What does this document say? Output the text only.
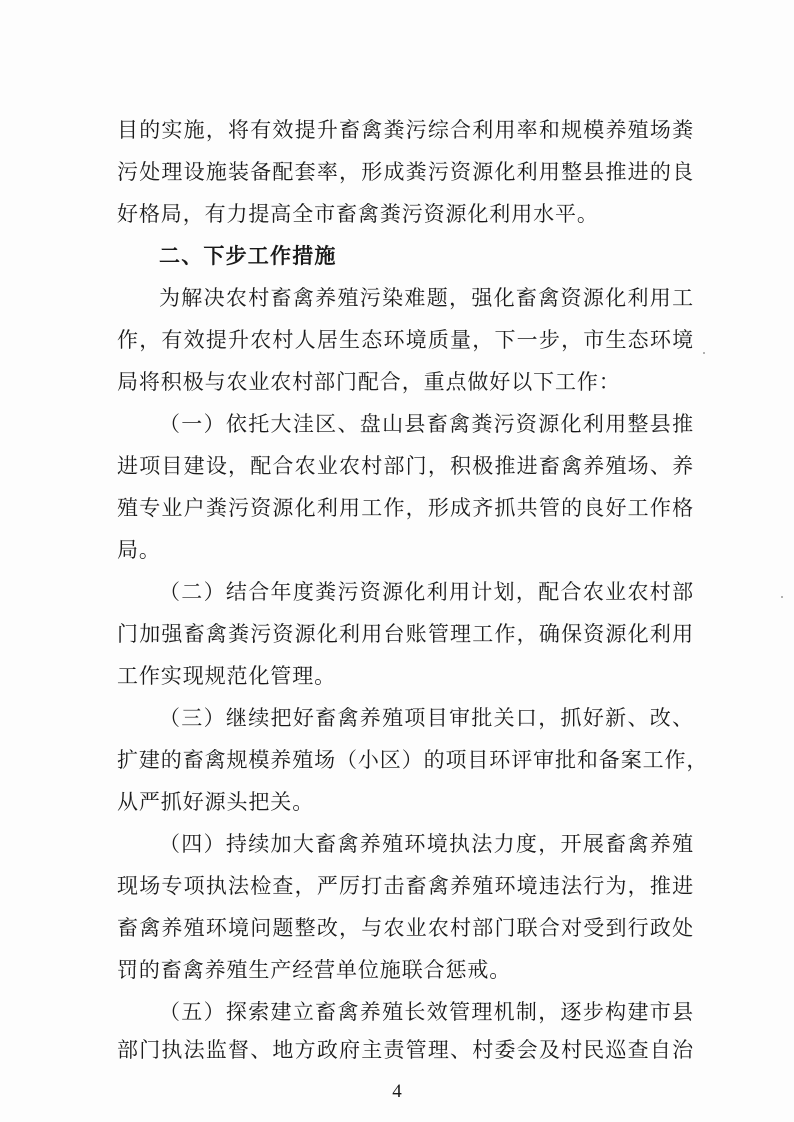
目的实施，将有效提升畜禽粪污综合利用率和规模养殖场粪
污处理设施装备配套率，形成粪污资源化利用整县推进的良
好格局，有力提高全市畜禽粪污资源化利用水平。
二、下步工作措施
为解决农村畜禽养殖污染难题，强化畜禽资源化利用工
作，有效提升农村人居生态环境质量，下一步，市生态环境
局将积极与农业农村部门配合，重点做好以下工作：
（一）依托大洼区、盘山县畜禽粪污资源化利用整县推
进项目建设，配合农业农村部门，积极推进畜禽养殖场、养
殖专业户粪污资源化利用工作，形成齐抓共管的良好工作格
局。
（二）结合年度粪污资源化利用计划，配合农业农村部
门加强畜禽粪污资源化利用台账管理工作，确保资源化利用
工作实现规范化管理。
（三）继续把好畜禽养殖项目审批关口，抓好新、改、
扩建的畜禽规模养殖场（小区）的项目环评审批和备案工作，
从严抓好源头把关。
（四）持续加大畜禽养殖环境执法力度，开展畜禽养殖
现场专项执法检查，严厉打击畜禽养殖环境违法行为，推进
畜禽养殖环境问题整改，与农业农村部门联合对受到行政处
罚的畜禽养殖生产经营单位施联合惩戒。
（五）探索建立畜禽养殖长效管理机制，逐步构建市县
部门执法监督、地方政府主责管理、村委会及村民巡查自治
4
